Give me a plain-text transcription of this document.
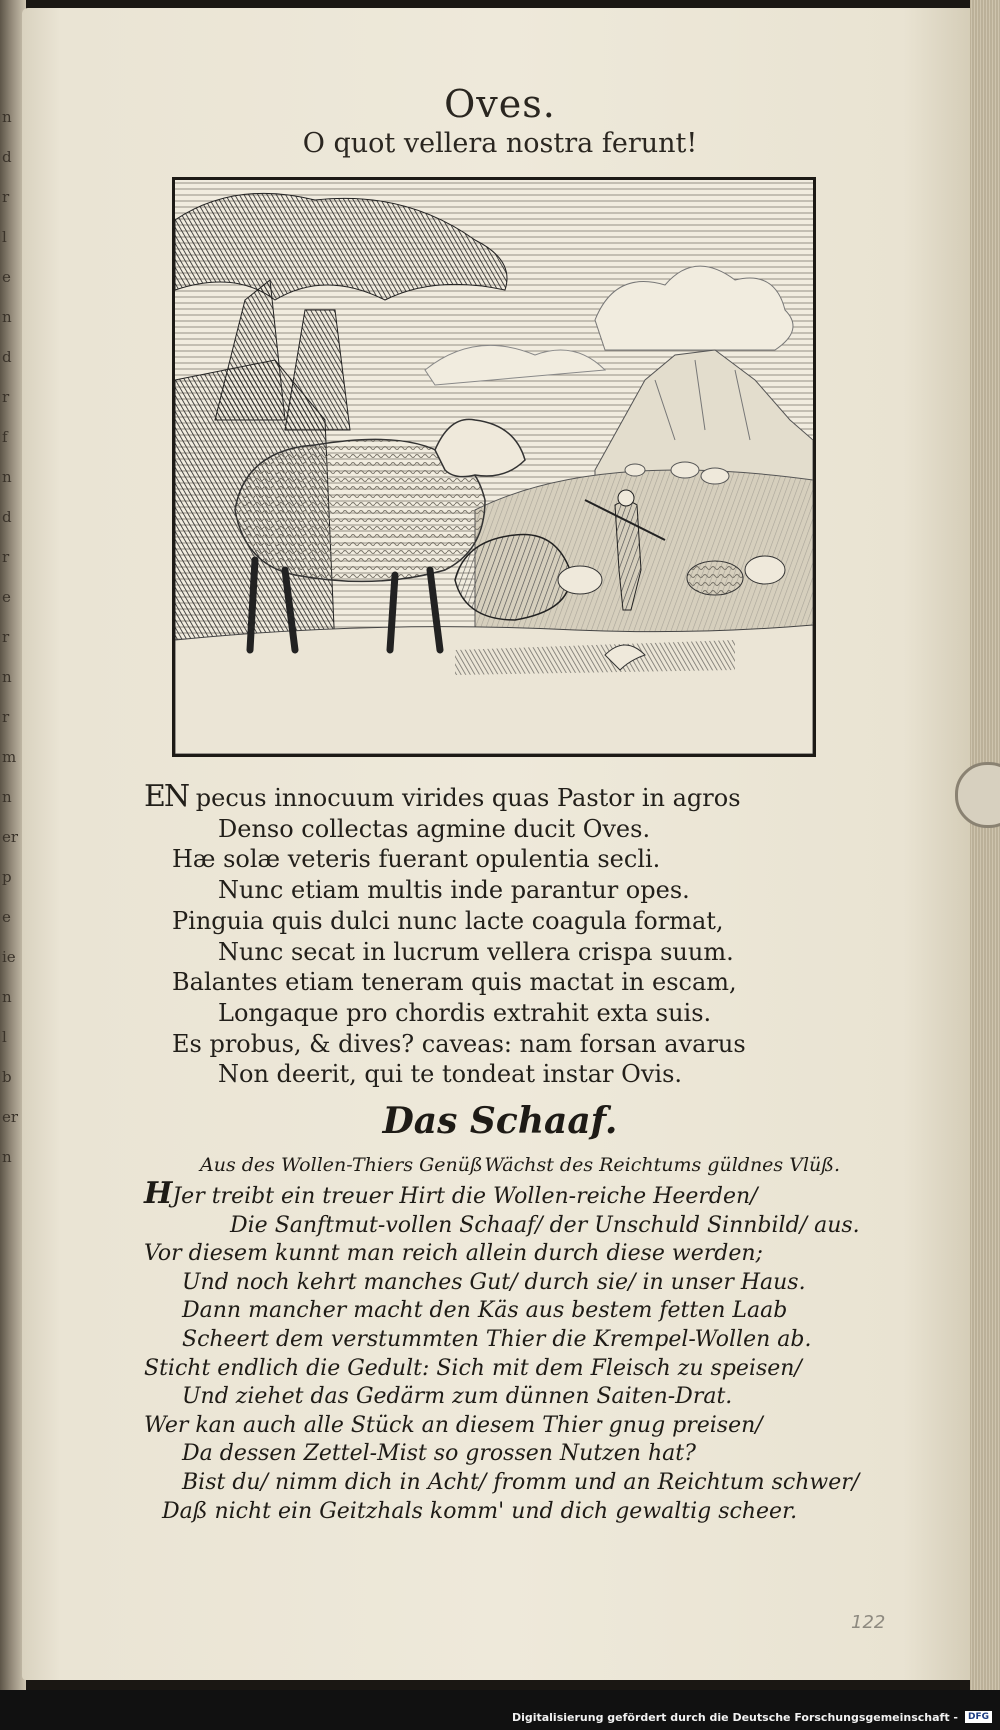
n
d
r
l
e
n
d
r
f
n
d
r
e
r
n
r
m
n
er
p
e
ie
n
l
b
er
n
Oves.
O quot vellera nostra ferunt!
EN pecus innocuum virides quas Pastor in agros
Denso collectas agmine ducit Oves.
Hæ solæ veteris fuerant opulentia secli.
Nunc etiam multis inde parantur opes.
Pinguia quis dulci nunc lacte coagula format,
Nunc secat in lucrum vellera crispa suum.
Balantes etiam teneram quis mactat in escam,
Longaque pro chordis extrahit exta suis.
Es probus, & dives? caveas: nam forsan avarus
Non deerit, qui te tondeat instar Ovis.
Das Schaaf.
Aus des Wollen-Thiers Genüß Wächst des Reichtums güldnes Vlüß.
HJer treibt ein treuer Hirt die Wollen-reiche Heerden/
Die Sanftmut-vollen Schaaf/ der Unschuld Sinnbild/ aus.
Vor diesem kunnt man reich allein durch diese werden;
Und noch kehrt manches Gut/ durch sie/ in unser Haus.
Dann mancher macht den Käs aus bestem fetten Laab
Scheert dem verstummten Thier die Krempel-Wollen ab.
Sticht endlich die Gedult: Sich mit dem Fleisch zu speisen/
Und ziehet das Gedärm zum dünnen Saiten-Drat.
Wer kan auch alle Stück an diesem Thier gnug preisen/
Da dessen Zettel-Mist so grossen Nutzen hat?
Bist du/ nimm dich in Acht/ fromm und an Reichtum schwer/
Daß nicht ein Geitzhals komm' und dich gewaltig scheer.
122
Digitalisierung gefördert durch die Deutsche Forschungsgemeinschaft -	DFG
